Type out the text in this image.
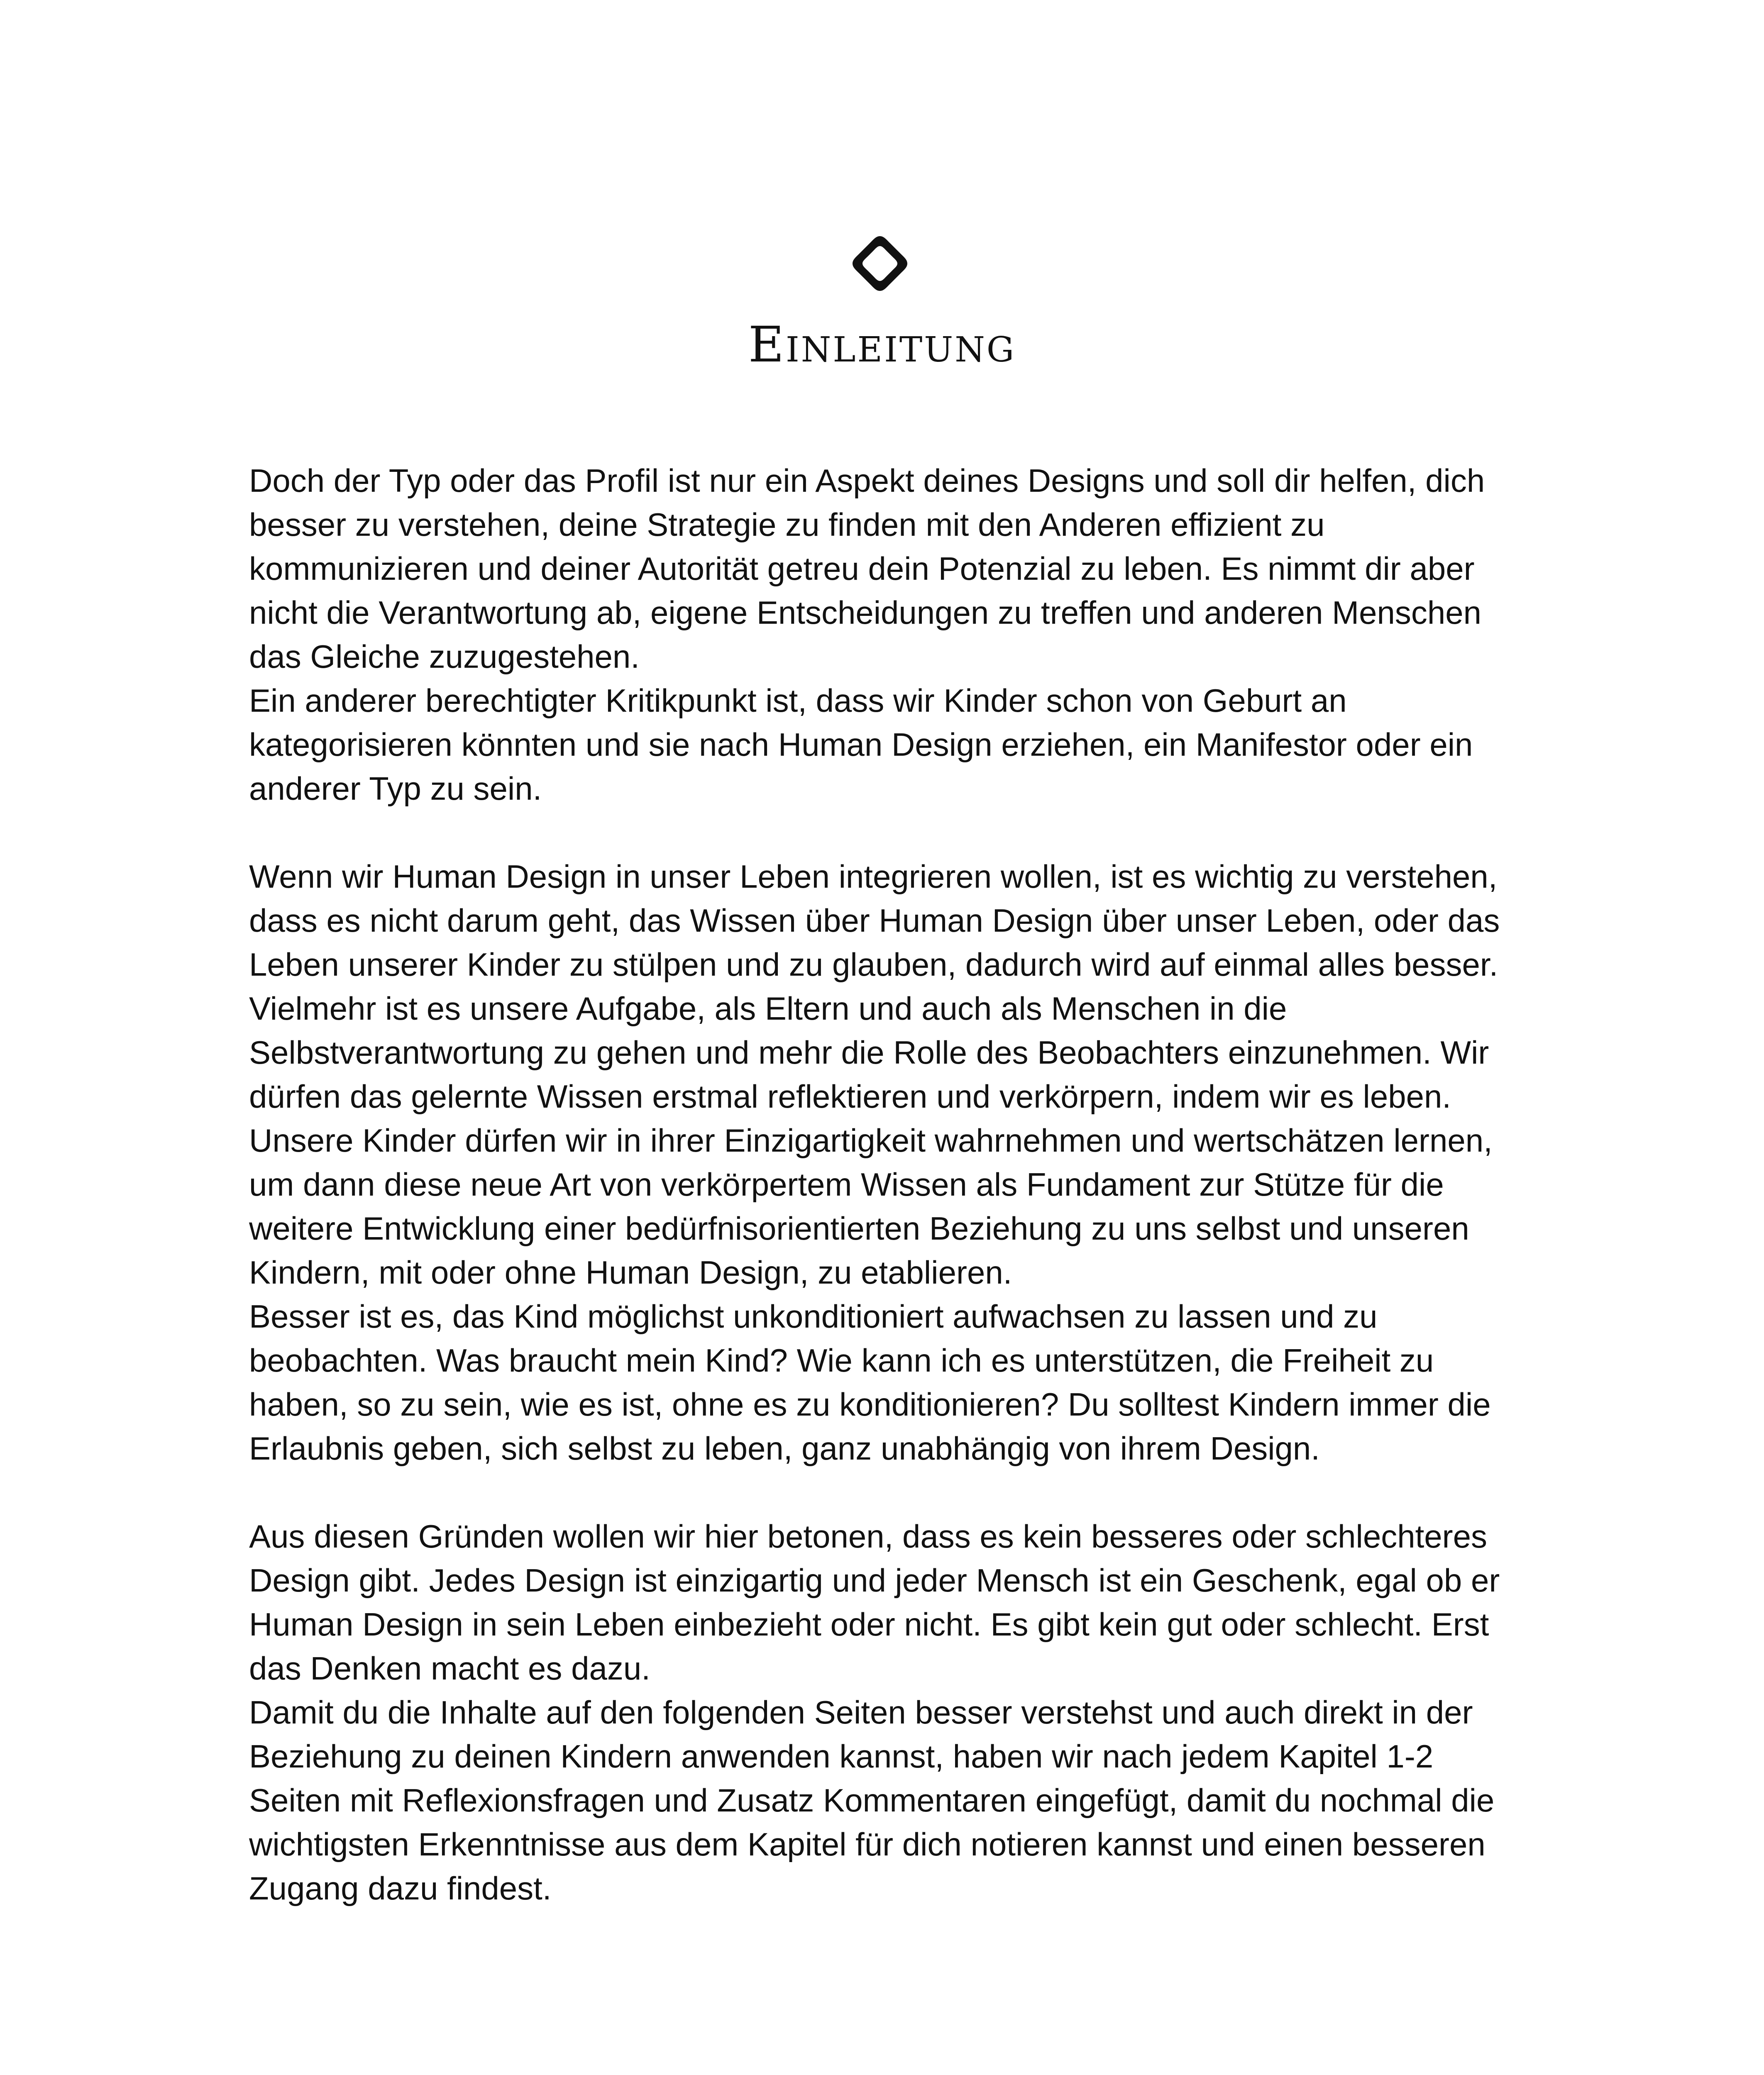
Einleitung

Doch der Typ oder das Profil ist nur ein Aspekt deines Designs und soll dir helfen, dich besser zu verstehen, deine Strategie zu finden mit den Anderen effizient zu kommunizieren und deiner Autorität getreu dein Potenzial zu leben. Es nimmt dir aber nicht die Verantwortung ab, eigene Entscheidungen zu treffen und anderen Menschen das Gleiche zuzugestehen.

Ein anderer berechtigter Kritikpunkt ist, dass wir Kinder schon von Geburt an kategorisieren könnten und sie nach Human Design erziehen, ein Manifestor oder ein anderer Typ zu sein.

Wenn wir Human Design in unser Leben integrieren wollen, ist es wichtig zu verstehen, dass es nicht darum geht, das Wissen über Human Design über unser Leben, oder das Leben unserer Kinder zu stülpen und zu glauben, dadurch wird auf einmal alles besser. Vielmehr ist es unsere Aufgabe, als Eltern und auch als Menschen in die Selbstverantwortung zu gehen und mehr die Rolle des Beobachters einzunehmen. Wir dürfen das gelernte Wissen erstmal reflektieren und verkörpern, indem wir es leben. Unsere Kinder dürfen wir in ihrer Einzigartigkeit wahrnehmen und wertschätzen lernen, um dann diese neue Art von verkörpertem Wissen als Fundament zur Stütze für die weitere Entwicklung einer bedürfnisorientierten Beziehung zu uns selbst und unseren Kindern, mit oder ohne Human Design, zu etablieren.

Besser ist es, das Kind möglichst unkonditioniert aufwachsen zu lassen und zu beobachten. Was braucht mein Kind? Wie kann ich es unterstützen, die Freiheit zu haben, so zu sein, wie es ist, ohne es zu konditionieren? Du solltest Kindern immer die Erlaubnis geben, sich selbst zu leben, ganz unabhängig von ihrem Design.

Aus diesen Gründen wollen wir hier betonen, dass es kein besseres oder schlechteres Design gibt. Jedes Design ist einzigartig und jeder Mensch ist ein Geschenk, egal ob er Human Design in sein Leben einbezieht oder nicht. Es gibt kein gut oder schlecht. Erst das Denken macht es dazu.

Damit du die Inhalte auf den folgenden Seiten besser verstehst und auch direkt in der Beziehung zu deinen Kindern anwenden kannst, haben wir nach jedem Kapitel 1-2 Seiten mit Reflexionsfragen und Zusatz Kommentaren eingefügt, damit du nochmal die wichtigsten Erkenntnisse aus dem Kapitel für dich notieren kannst und einen besseren Zugang dazu findest.
